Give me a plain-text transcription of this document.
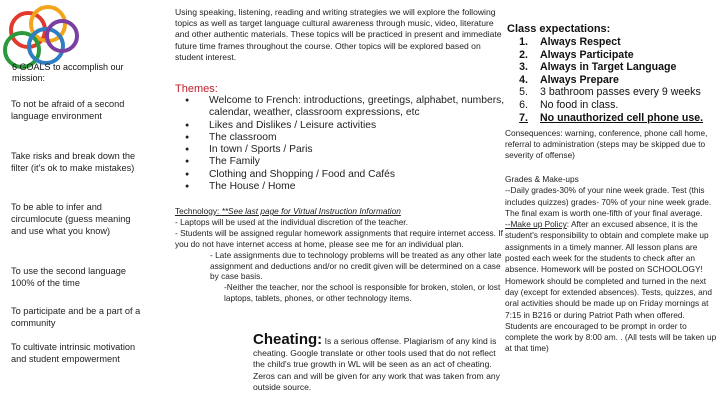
6 GOALS to accomplish our mission:
To not be afraid of a second language environment
Take risks and break down the filter (it's ok to make mistakes)
To be able to infer and circumlocute (guess meaning and use what you know)
To use the second language 100% of the time
To participate and be a part of a community
To cultivate intrinsic motivation and student empowerment
Using speaking, listening, reading and writing strategies we will explore the following topics as well as target language cultural awareness through music, video, literature and other authentic materials. These topics will be practiced in present and immediate future time frames throughout the course. Other topics will be explored based on student interest.
Themes:
● Welcome to French: introductions, greetings, alphabet, numbers, calendar, weather, classroom expressions, etc
● Likes and Dislikes / Leisure activities
● The classroom
● In town / Sports / Paris
● The Family
● Clothing and Shopping / Food and Cafés
● The House / Home
Technology: **See last page for Virtual Instruction Information
- Laptops will be used at the individual discretion of the teacher.
- Students will be assigned regular homework assignments that require internet access. If you do not have internet access at home, please see me for an individual plan.
- Late assignments due to technology problems will be treated as any other late assignment and deductions and/or no credit given will be determined on a case by case basis.
-Neither the teacher, nor the school is responsible for broken, stolen, or lost laptops, tablets, phones, or other technology items.
Cheating: Is a serious offense. Plagiarism of any kind is cheating. Google translate or other tools used that do not reflect the child's true growth in WL will be seen as an act of cheating. Zeros can and will be given for any work that was taken from any outside source.
Class expectations:
1.	Always Respect
2.	Always Participate
3.	Always in Target Language
4.	Always Prepare
5.	3 bathroom passes every 9 weeks
6.	No food in class.
7.	No unauthorized cell phone use.
Consequences: warning, conference, phone call home, referral to administration (steps may be skipped due to severity of offense)

Grades & Make-ups

--Daily grades-30% of your nine week grade. Test (this includes quizzes) grades- 70% of your nine week grade. The final exam is worth one-fifth of your final average.

--Make up Policy: After an excused absence, it is the student's responsibility to obtain and complete make up assignments in a timely manner. All lesson plans are posted each week for the students to check after an absence. Homework will be posted on SCHOOLOGY!

Homework should be completed and turned in the next day (except for extended absences). Tests, quizzes, and oral activities should be made up on Friday mornings at 7:15 in B216 or during Patriot Path when offered. Students are encouraged to be prompt in order to complete the work by 8:00 am. . (All tests will be taken up at that time)
